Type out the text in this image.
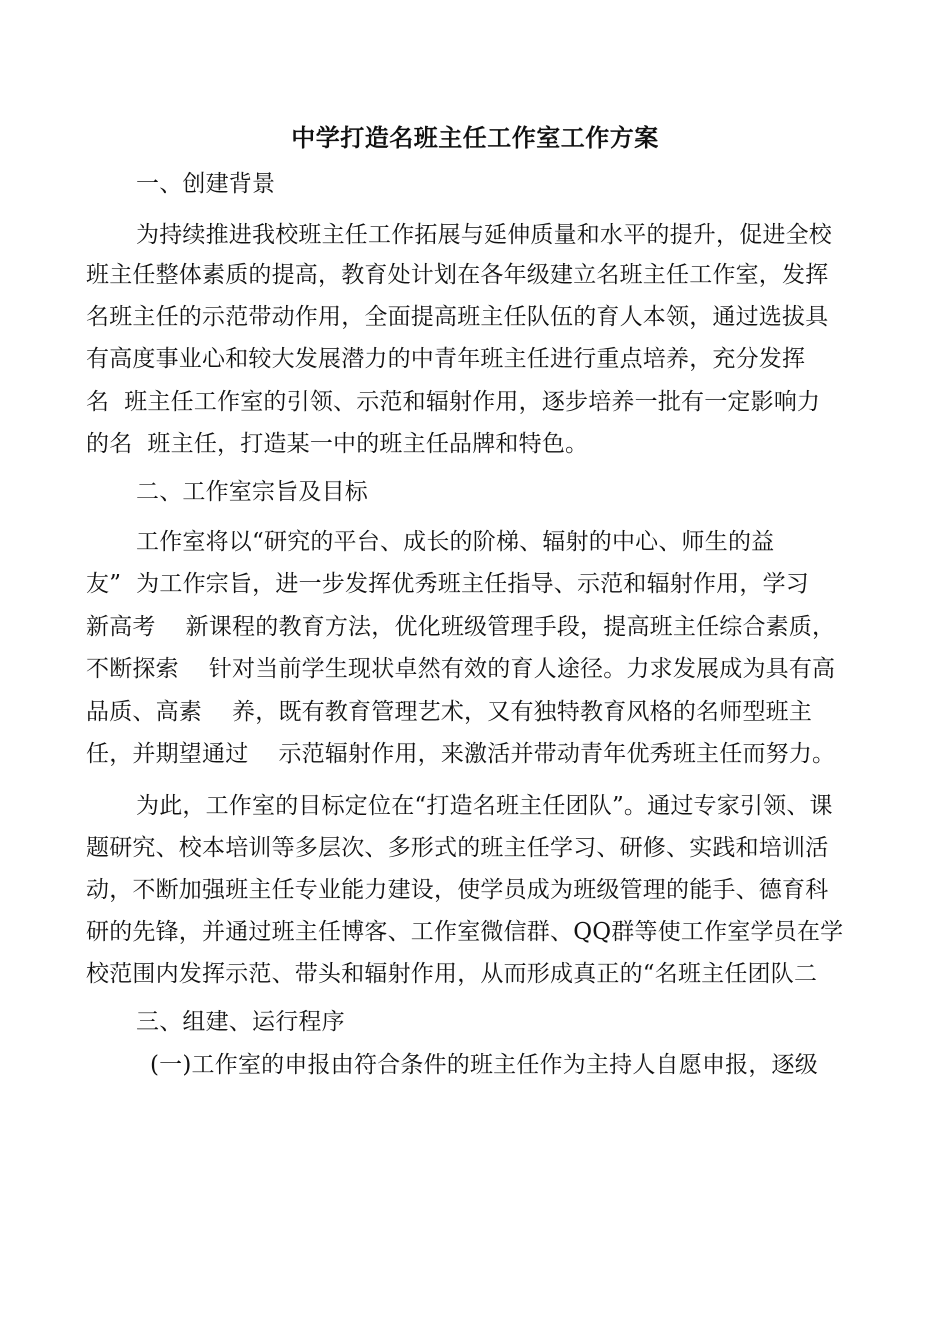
中学打造名班主任工作室工作方案
一、创建背景
为持续推进我校班主任工作拓展与延伸质量和水平的提升，促进全校
班主任整体素质的提高，教育处计划在各年级建立名班主任工作室，发挥
名班主任的示范带动作用，全面提高班主任队伍的育人本领，通过选拔具
有高度事业心和较大发展潜力的中青年班主任进行重点培养，充分发挥
名  班主任工作室的引领、示范和辐射作用，逐步培养一批有一定影响力
的名  班主任，打造某一中的班主任品牌和特色。
二、工作室宗旨及目标
工作室将以“研究的平台、成长的阶梯、辐射的中心、师生的益
友”  为工作宗旨，进一步发挥优秀班主任指导、示范和辐射作用，学习
新高考    新课程的教育方法，优化班级管理手段，提高班主任综合素质，
不断探索    针对当前学生现状卓然有效的育人途径。力求发展成为具有高
品质、高素    养，既有教育管理艺术，又有独特教育风格的名师型班主
任，并期望通过    示范辐射作用，来激活并带动青年优秀班主任而努力。
为此，工作室的目标定位在“打造名班主任团队”。通过专家引领、课
题研究、校本培训等多层次、多形式的班主任学习、研修、实践和培训活
动，不断加强班主任专业能力建设，使学员成为班级管理的能手、德育科
研的先锋，并通过班主任博客、工作室微信群、QQ群等使工作室学员在学
校范围内发挥示范、带头和辐射作用，从而形成真正的“名班主任团队二
三、组建、运行程序
(一)工作室的申报由符合条件的班主任作为主持人自愿申报，逐级
